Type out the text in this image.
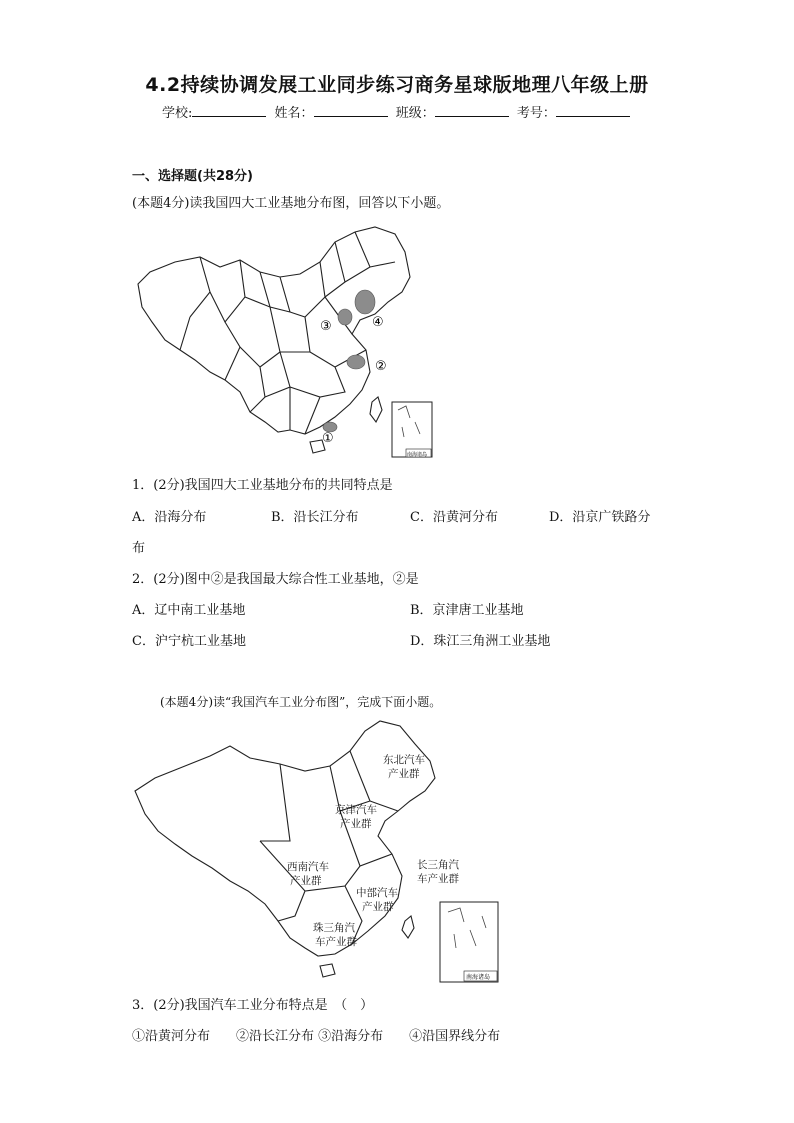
4.2持续协调发展工业同步练习商务星球版地理八年级上册
学校:	姓名：	班级：	考号：
一、选择题(共28分)
(本题4分)读我国四大工业基地分布图，回答以下小题。
③	④
②
①
南海诸岛
1．(2分)我国四大工业基地分布的共同特点是
A．沿海分布	B．沿长江分布	C．沿黄河分布	D．沿京广铁路分
布
2．(2分)图中②是我国最大综合性工业基地，②是
A．辽中南工业基地	B．京津唐工业基地
C．沪宁杭工业基地	D．珠江三角洲工业基地
(本题4分)读“我国汽车工业分布图”，完成下面小题。
东北汽车
产业群
京津汽车
产业群
西南汽车
产业群
长三角汽
车产业群
中部汽车
产业群
珠三角汽
车产业群
南海诸岛
3．(2分)我国汽车工业分布特点是　（　）
①沿黄河分布　　②沿长江分布 ③沿海分布　　④沿国界线分布
